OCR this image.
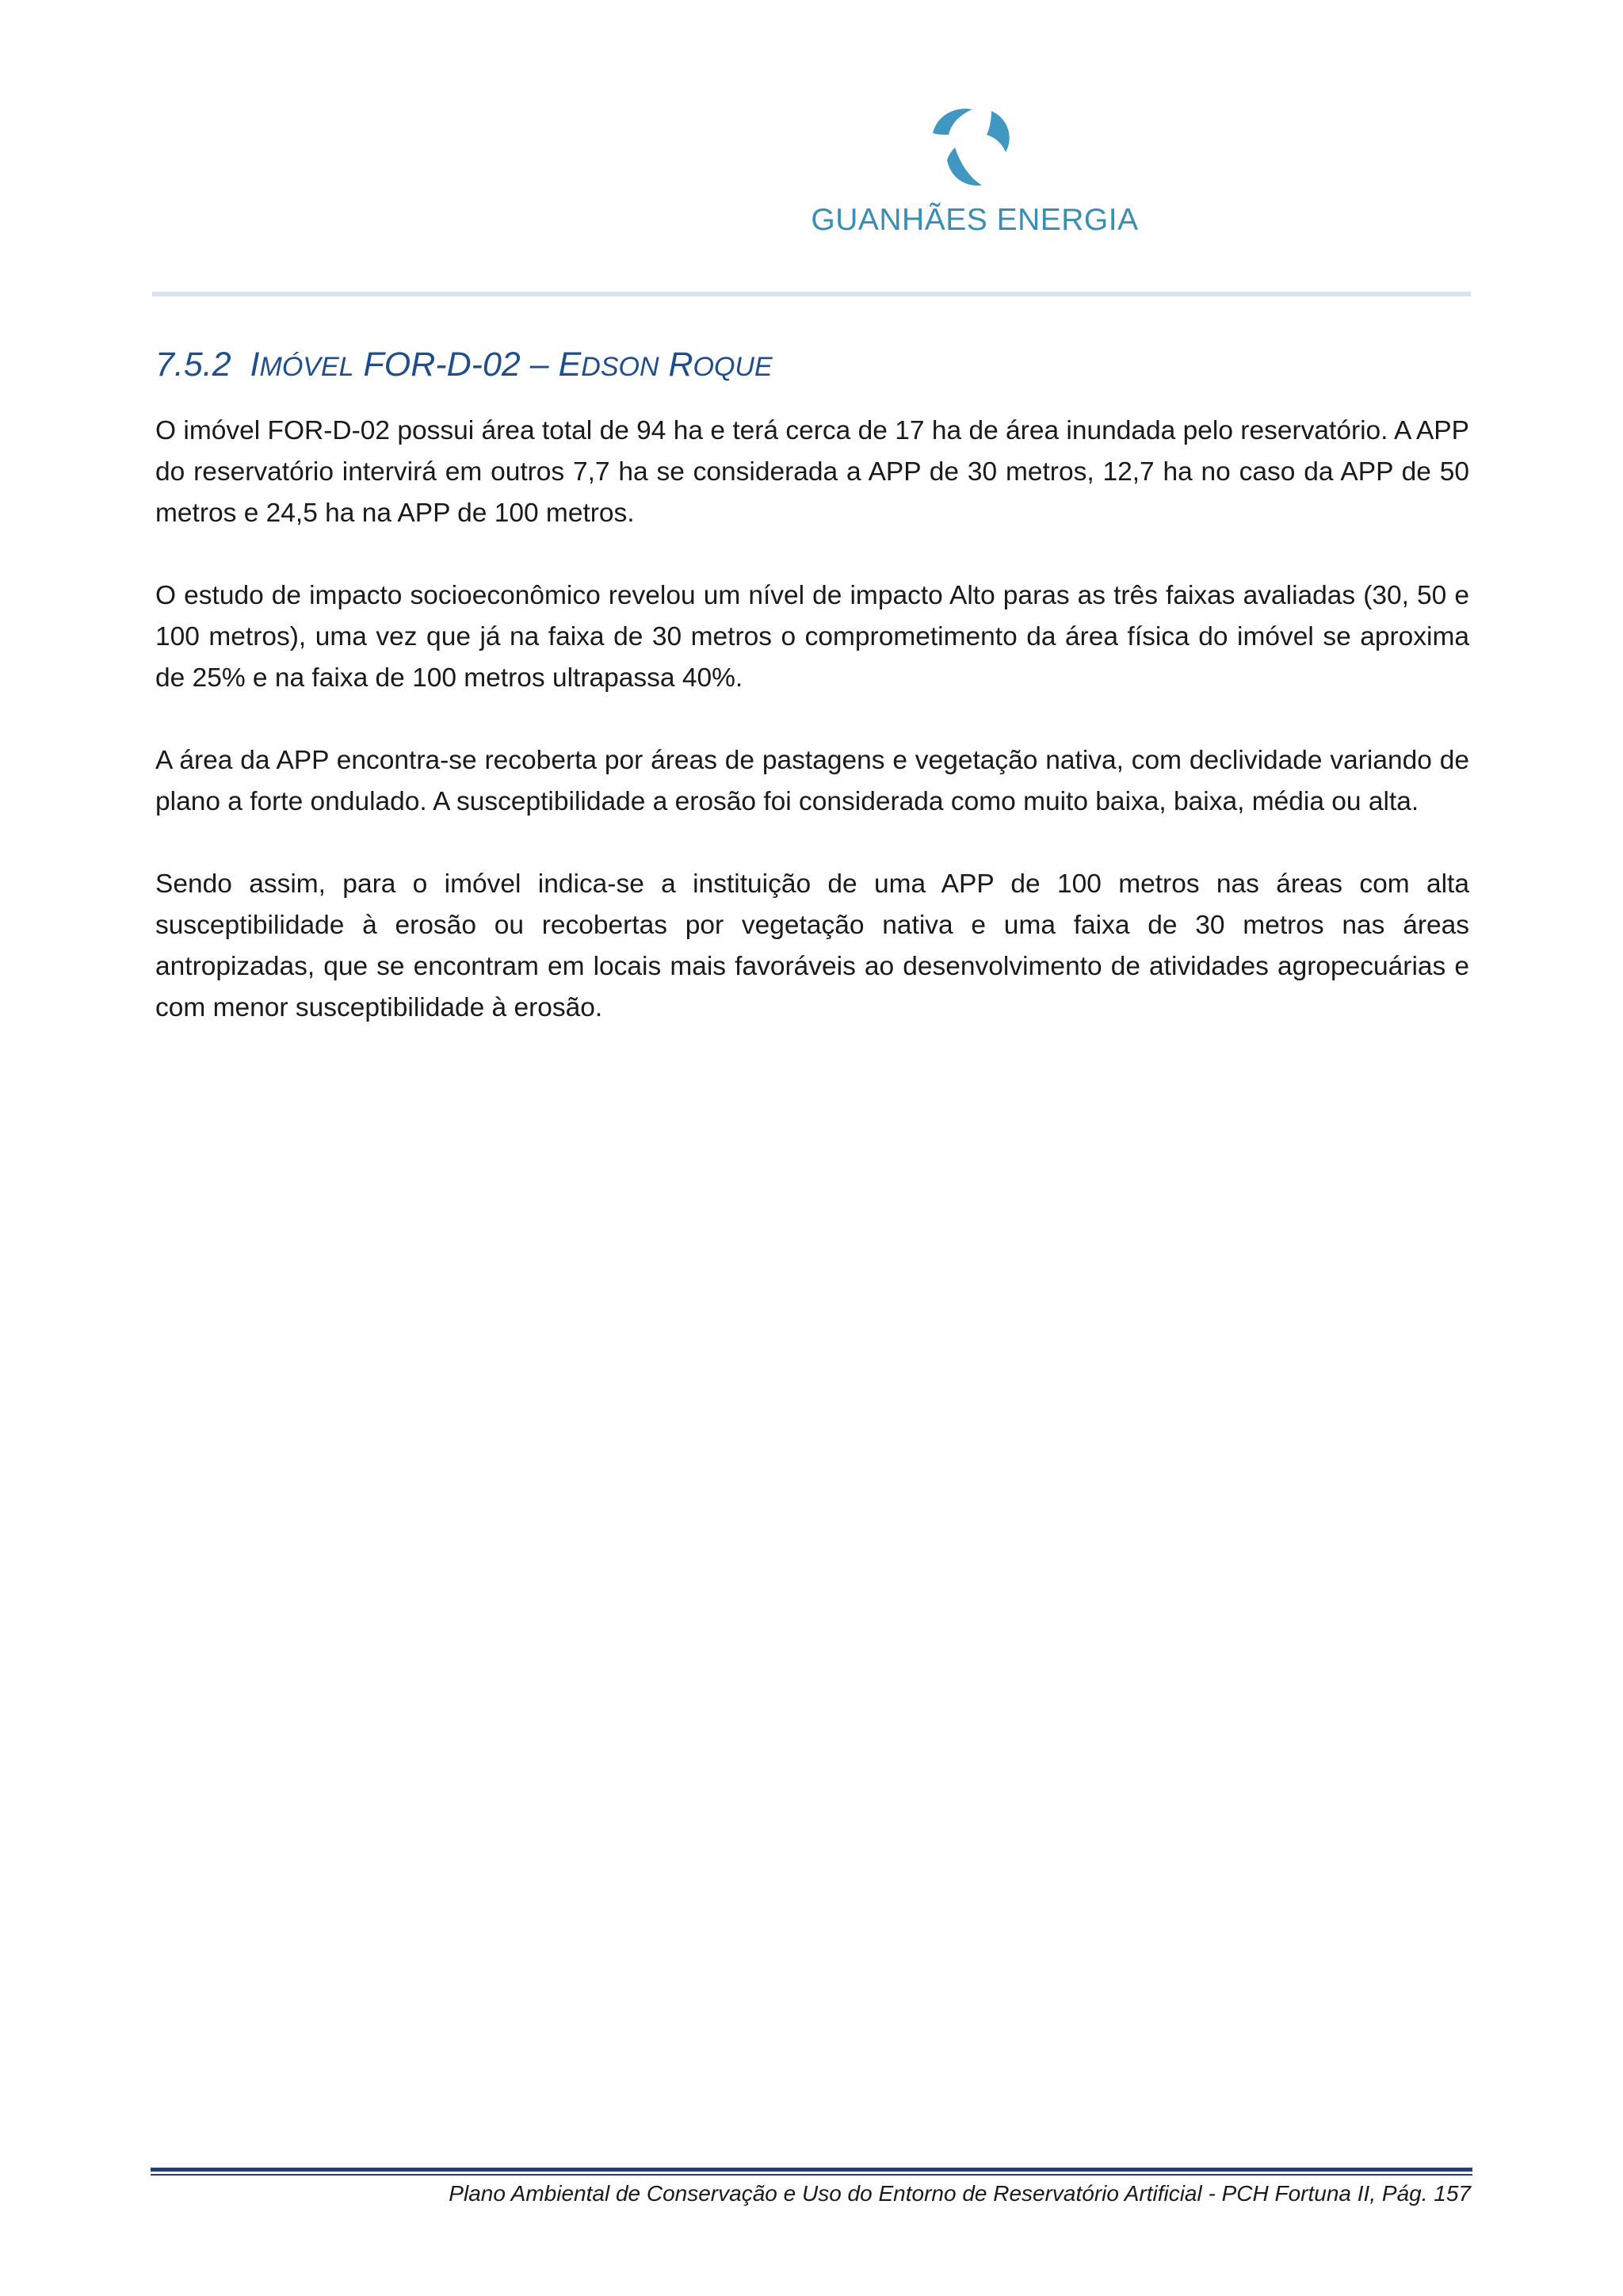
GUANHÃES ENERGIA
7.5.2 IMÓVEL FOR-D-02 – EDSON ROQUE

O imóvel FOR-D-02 possui área total de 94 ha e terá cerca de 17 ha de área inundada pelo reservatório. A APP do reservatório intervirá em outros 7,7 ha se considerada a APP de 30 metros, 12,7 ha no caso da APP de 50 metros e 24,5 ha na APP de 100 metros.

O estudo de impacto socioeconômico revelou um nível de impacto Alto paras as três faixas avaliadas (30, 50 e 100 metros), uma vez que já na faixa de 30 metros o comprometimento da área física do imóvel se aproxima de 25% e na faixa de 100 metros ultrapassa 40%.

A área da APP encontra-se recoberta por áreas de pastagens e vegetação nativa, com declividade variando de plano a forte ondulado. A susceptibilidade a erosão foi considerada como muito baixa, baixa, média ou alta.

Sendo assim, para o imóvel indica-se a instituição de uma APP de 100 metros nas áreas com alta susceptibilidade à erosão ou recobertas por vegetação nativa e uma faixa de 30 metros nas áreas antropizadas, que se encontram em locais mais favoráveis ao desenvolvimento de atividades agropecuárias e com menor susceptibilidade à erosão.

Plano Ambiental de Conservação e Uso do Entorno de Reservatório Artificial - PCH Fortuna II, Pág. 157
